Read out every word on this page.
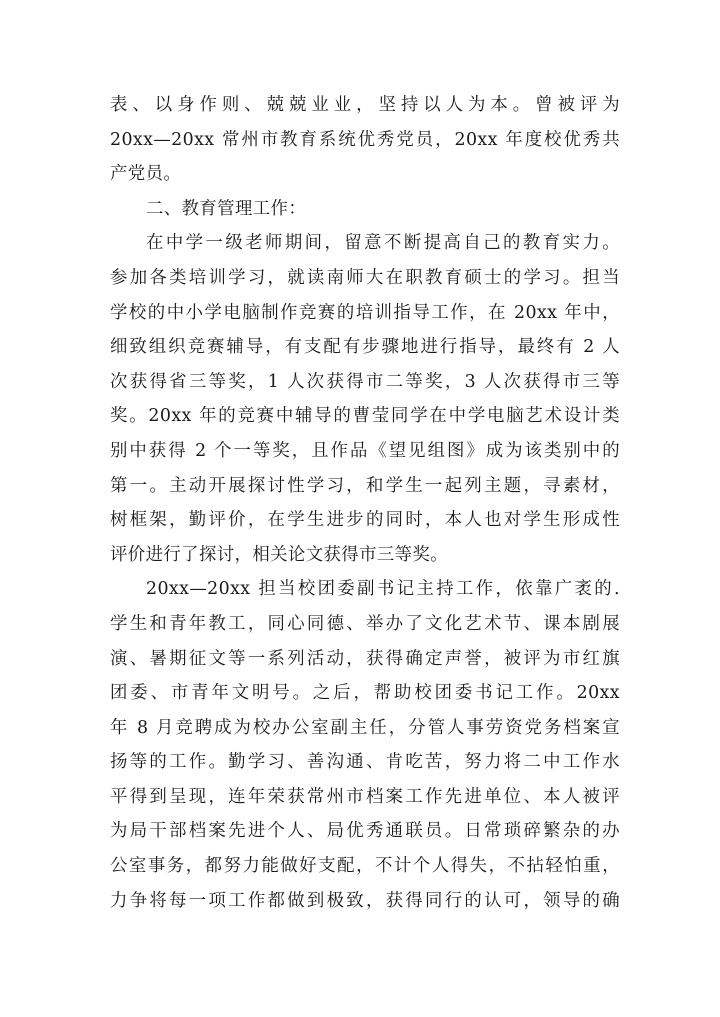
表、以身作则、兢兢业业，坚持以人为本。曾被评为
20xx—20xx 常州市教育系统优秀党员，20xx 年度校优秀共
产党员。
二、教育管理工作：
在中学一级老师期间，留意不断提高自己的教育实力。
参加各类培训学习，就读南师大在职教育硕士的学习。担当
学校的中小学电脑制作竞赛的培训指导工作，在 20xx 年中，
细致组织竞赛辅导，有支配有步骤地进行指导，最终有 2 人
次获得省三等奖，1 人次获得市二等奖，3 人次获得市三等
奖。20xx 年的竞赛中辅导的曹莹同学在中学电脑艺术设计类
别中获得 2 个一等奖，且作品《望见组图》成为该类别中的
第一。主动开展探讨性学习，和学生一起列主题，寻素材，
树框架，勤评价，在学生进步的同时，本人也对学生形成性
评价进行了探讨，相关论文获得市三等奖。
20xx—20xx 担当校团委副书记主持工作，依靠广袤的.
学生和青年教工，同心同德、举办了文化艺术节、课本剧展
演、暑期征文等一系列活动，获得确定声誉，被评为市红旗
团委、市青年文明号。之后，帮助校团委书记工作。20xx
年 8 月竞聘成为校办公室副主任，分管人事劳资党务档案宣
扬等的工作。勤学习、善沟通、肯吃苦，努力将二中工作水
平得到呈现，连年荣获常州市档案工作先进单位、本人被评
为局干部档案先进个人、局优秀通联员。日常琐碎繁杂的办
公室事务，都努力能做好支配，不计个人得失，不拈轻怕重，
力争将每一项工作都做到极致，获得同行的认可，领导的确
